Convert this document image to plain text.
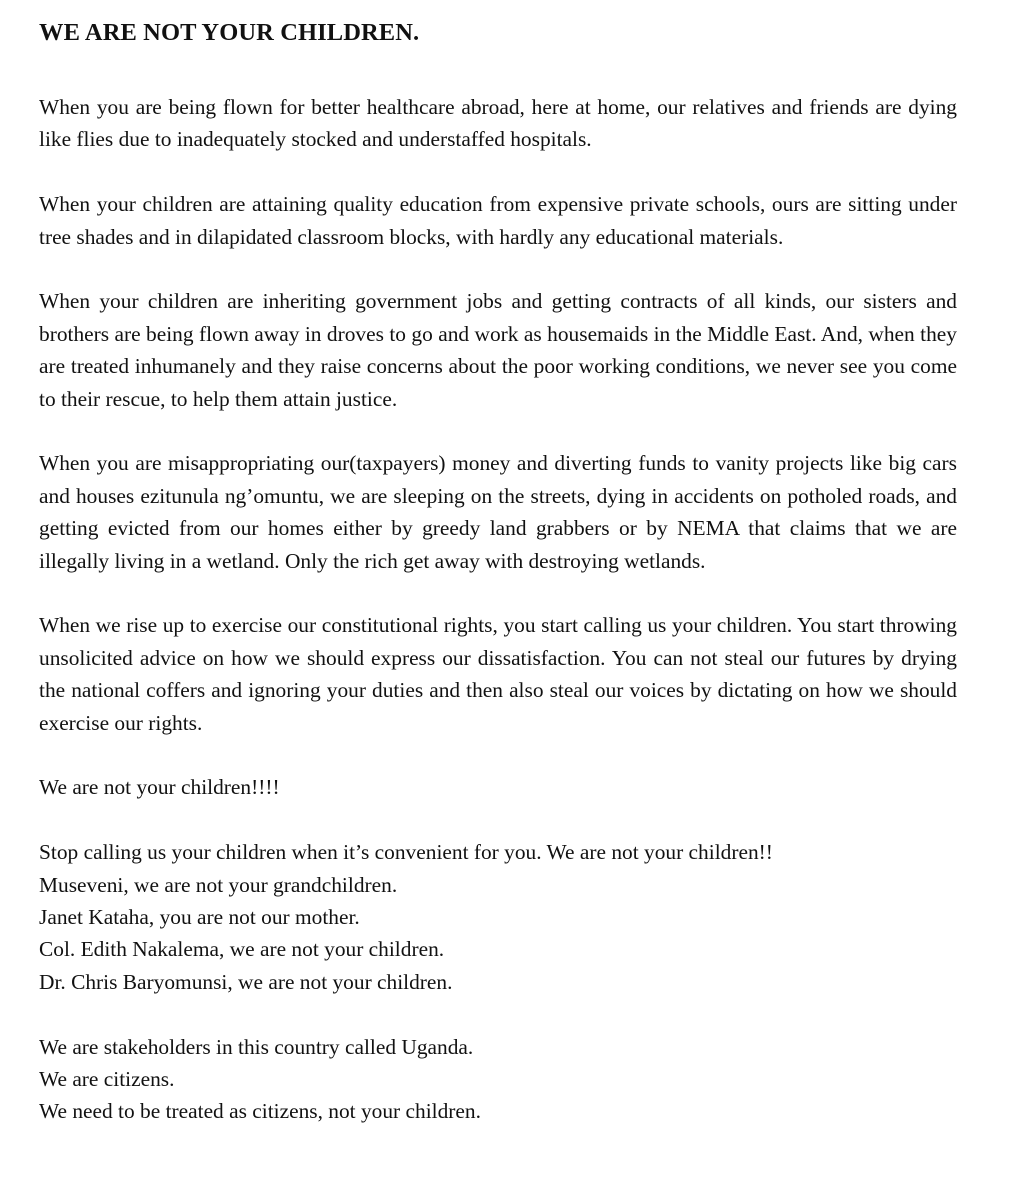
WE ARE NOT YOUR CHILDREN.

When you are being flown for better healthcare abroad, here at home, our relatives and friends are dying like flies due to inadequately stocked and understaffed hospitals.

When your children are attaining quality education from expensive private schools, ours are sitting under tree shades and in dilapidated classroom blocks, with hardly any educational materials.

When your children are inheriting government jobs and getting contracts of all kinds, our sisters and brothers are being flown away in droves to go and work as housemaids in the Middle East. And, when they are treated inhumanely and they raise concerns about the poor working conditions, we never see you come to their rescue, to help them attain justice.

When you are misappropriating our(taxpayers) money and diverting funds to vanity projects like big cars and houses ezitunula ng’omuntu, we are sleeping on the streets, dying in accidents on potholed roads, and getting evicted from our homes either by greedy land grabbers or by NEMA that claims that we are illegally living in a wetland. Only the rich get away with destroying wetlands.

When we rise up to exercise our constitutional rights, you start calling us your children. You start throwing unsolicited advice on how we should express our dissatisfaction. You can not steal our futures by drying the national coffers and ignoring your duties and then also steal our voices by dictating on how we should exercise our rights.

We are not your children!!!!

Stop calling us your children when it’s convenient for you. We are not your children!!

Museveni, we are not your grandchildren.

Janet Kataha, you are not our mother.

Col. Edith Nakalema, we are not your children.

Dr. Chris Baryomunsi, we are not your children.

We are stakeholders in this country called Uganda.

We are citizens.

We need to be treated as citizens, not your children.
